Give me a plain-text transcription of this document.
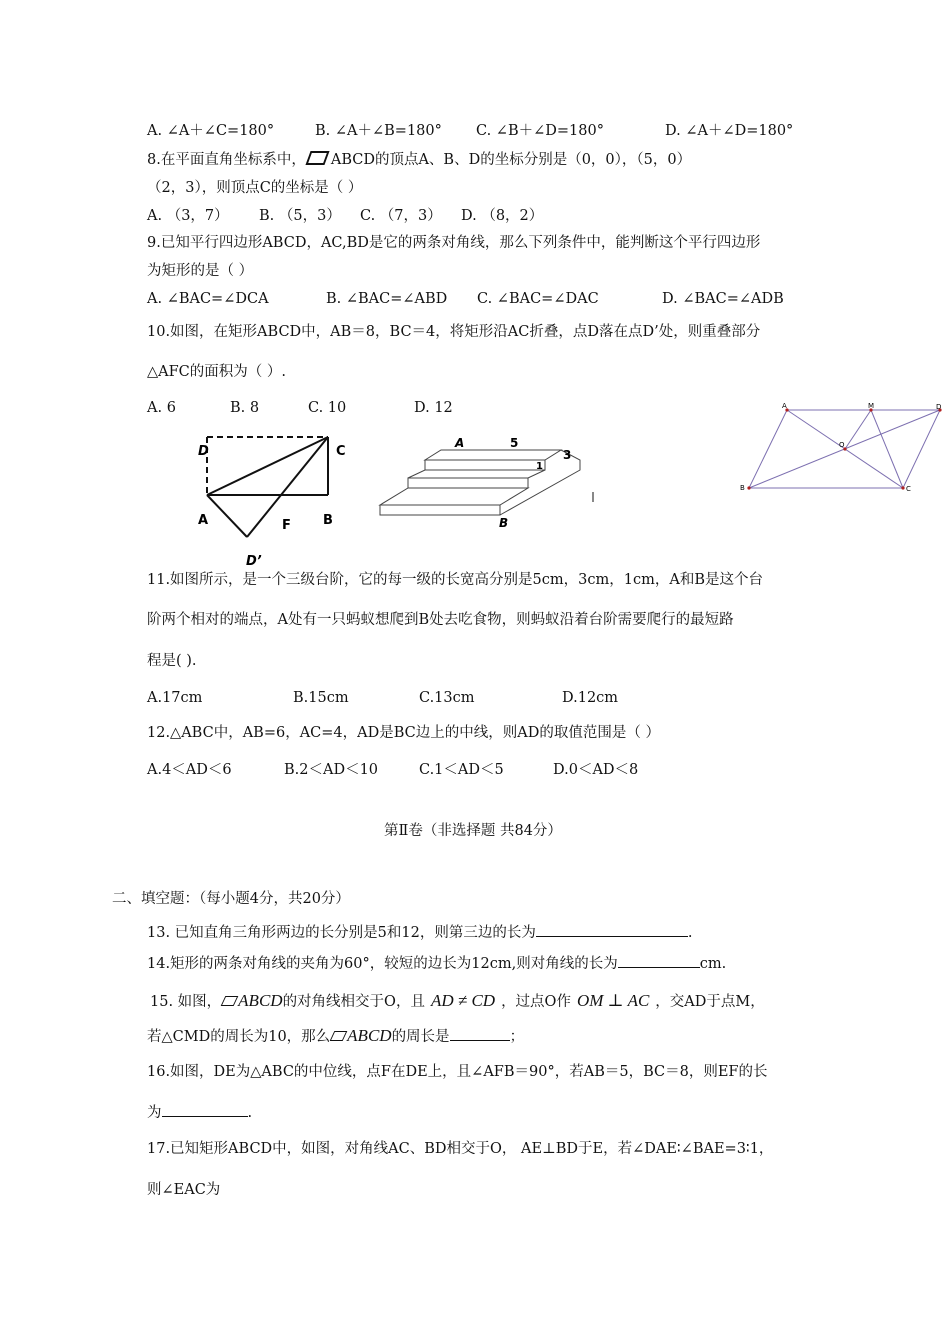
A. ∠A＋∠C=180°	B. ∠A＋∠B=180° C. ∠B＋∠D=180°	D. ∠A＋∠D=180°
8.在平面直角坐标系中， ABCD的顶点A、B、D的坐标分别是（0，0），（5，0）
（2，3），则顶点C的坐标是（ ）
A. （3，7） B. （5，3） C. （7，3） D. （8，2）
9.已知平行四边形ABCD，AC,BD是它的两条对角线，那么下列条件中，能判断这个平行四边形
为矩形的是（ ）
A. ∠BAC=∠DCA	B. ∠BAC=∠ABD C. ∠BAC=∠DAC	D. ∠BAC=∠ADB
10.如图，在矩形ABCD中，AB＝8，BC＝4，将矩形沿AC折叠，点D落在点D’处，则重叠部分
△AFC的面积为（ ）.
A. 6	B. 8	C. 10	D. 12
D	C
A	F B
D’
A	5
3
1
B
A	M	D
O
B	C
11.如图所示，是一个三级台阶，它的每一级的长宽高分别是5cm，3cm，1cm，A和B是这个台
阶两个相对的端点，A处有一只蚂蚁想爬到B处去吃食物，则蚂蚁沿着台阶需要爬行的最短路
程是( ).
A.17cm	B.15cm	C.13cm	D.12cm
12.△ABC中，AB=6，AC=4，AD是BC边上的中线，则AD的取值范围是（ ）
A.4＜AD＜6	B.2＜AD＜10	C.1＜AD＜5	D.0＜AD＜8
第Ⅱ卷（非选择题 共84分）
二、填空题：（每小题4分，共20分）
13. 已知直角三角形两边的长分别是5和12，则第三边的长为	.
14.矩形的两条对角线的夹角为60°，较短的边长为12cm,则对角线的长为	cm.
15. 如图， ABCD的对角线相交于O，且 AD ≠ CD ，过点O作 OM ⊥ AC ，交AD于点M，
若△CMD的周长为10，那么 ABCD的周长是	；
16.如图，DE为△ABC的中位线，点F在DE上，且∠AFB＝90°，若AB＝5，BC＝8，则EF的长
为	.
17.已知矩形ABCD中，如图，对角线AC、BD相交于O， AE⊥BD于E，若∠DAE∶∠BAE=3∶1，
则∠EAC为
